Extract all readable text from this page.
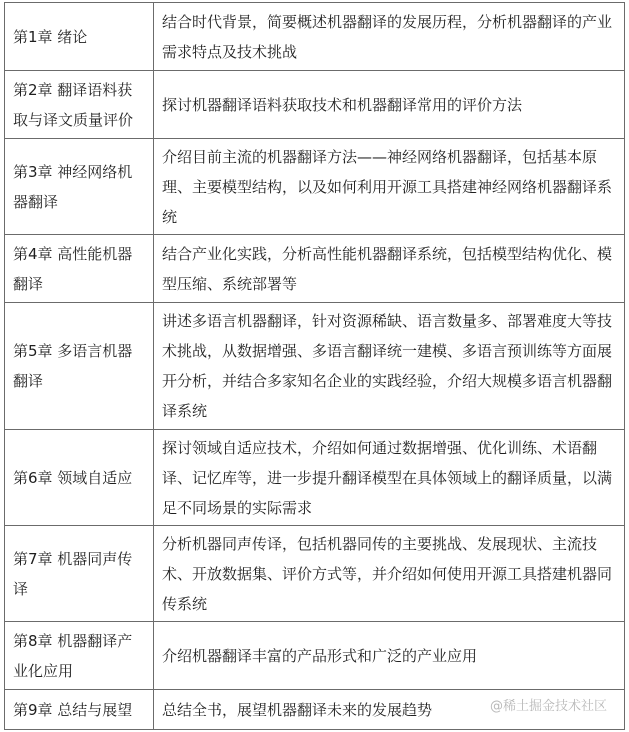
第1章 绪论	结合时代背景，简要概述机器翻译的发展历程，分析机器翻译的产业需求特点及技术挑战
第2章 翻译语料获取与译文质量评价	探讨机器翻译语料获取技术和机器翻译常用的评价方法
第3章 神经网络机器翻译	介绍目前主流的机器翻译方法——神经网络机器翻译，包括基本原理、主要模型结构，以及如何利用开源工具搭建神经网络机器翻译系统
第4章 高性能机器翻译	结合产业化实践，分析高性能机器翻译系统，包括模型结构优化、模型压缩、系统部署等
第5章 多语言机器翻译	讲述多语言机器翻译，针对资源稀缺、语言数量多、部署难度大等技术挑战，从数据增强、多语言翻译统一建模、多语言预训练等方面展开分析，并结合多家知名企业的实践经验，介绍大规模多语言机器翻译系统
第6章 领域自适应	探讨领域自适应技术，介绍如何通过数据增强、优化训练、术语翻译、记忆库等，进一步提升翻译模型在具体领域上的翻译质量，以满足不同场景的实际需求
第7章 机器同声传译	分析机器同声传译，包括机器同传的主要挑战、发展现状、主流技术、开放数据集、评价方式等，并介绍如何使用开源工具搭建机器同传系统
第8章 机器翻译产业化应用	介绍机器翻译丰富的产品形式和广泛的产业应用
第9章 总结与展望	总结全书，展望机器翻译未来的发展趋势	@稀土掘金技术社区
